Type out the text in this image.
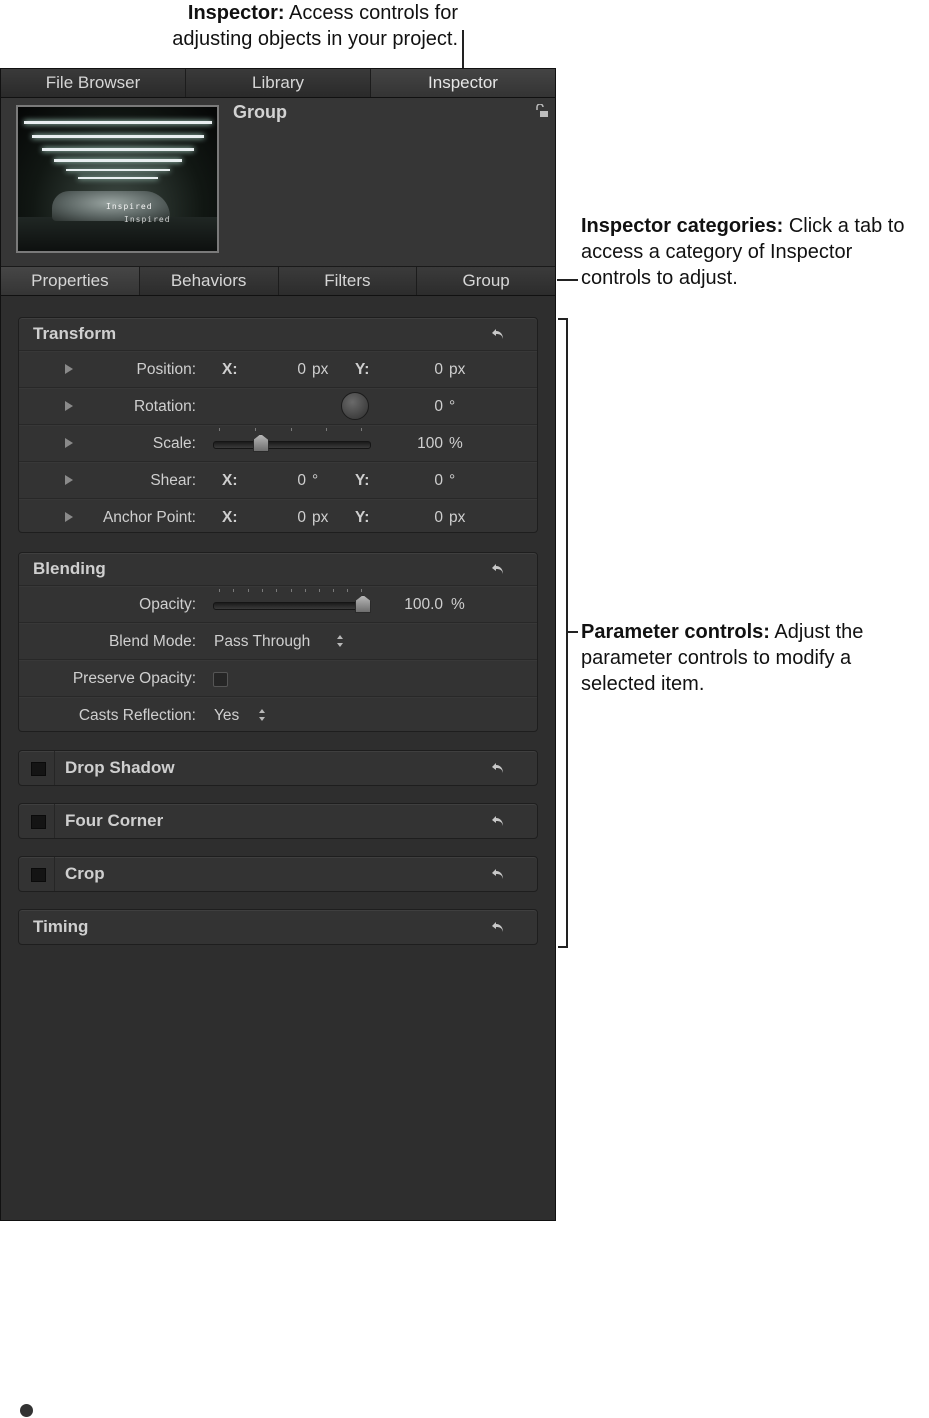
Inspector: Access controls for adjusting objects in your project.
Inspector categories: Click a tab to access a category of Inspector controls to adjust.
Parameter controls: Adjust the parameter controls to modify a selected item.
File Browser	Library	Inspector
Inspired
Inspired
Group
Properties	Behaviors	Filters	Group
Transform
Position: X:	0 px Y:	0 px
Rotation:	0 °
Scale:	100 %
Shear: X:	0 ° Y:	0 °
Anchor Point: X:	0 px Y:	0 px
Blending
Opacity:	100.0 %
Blend Mode: Pass Through
Preserve Opacity:
Casts Reflection: Yes
Drop Shadow
Four Corner
Crop
Timing
